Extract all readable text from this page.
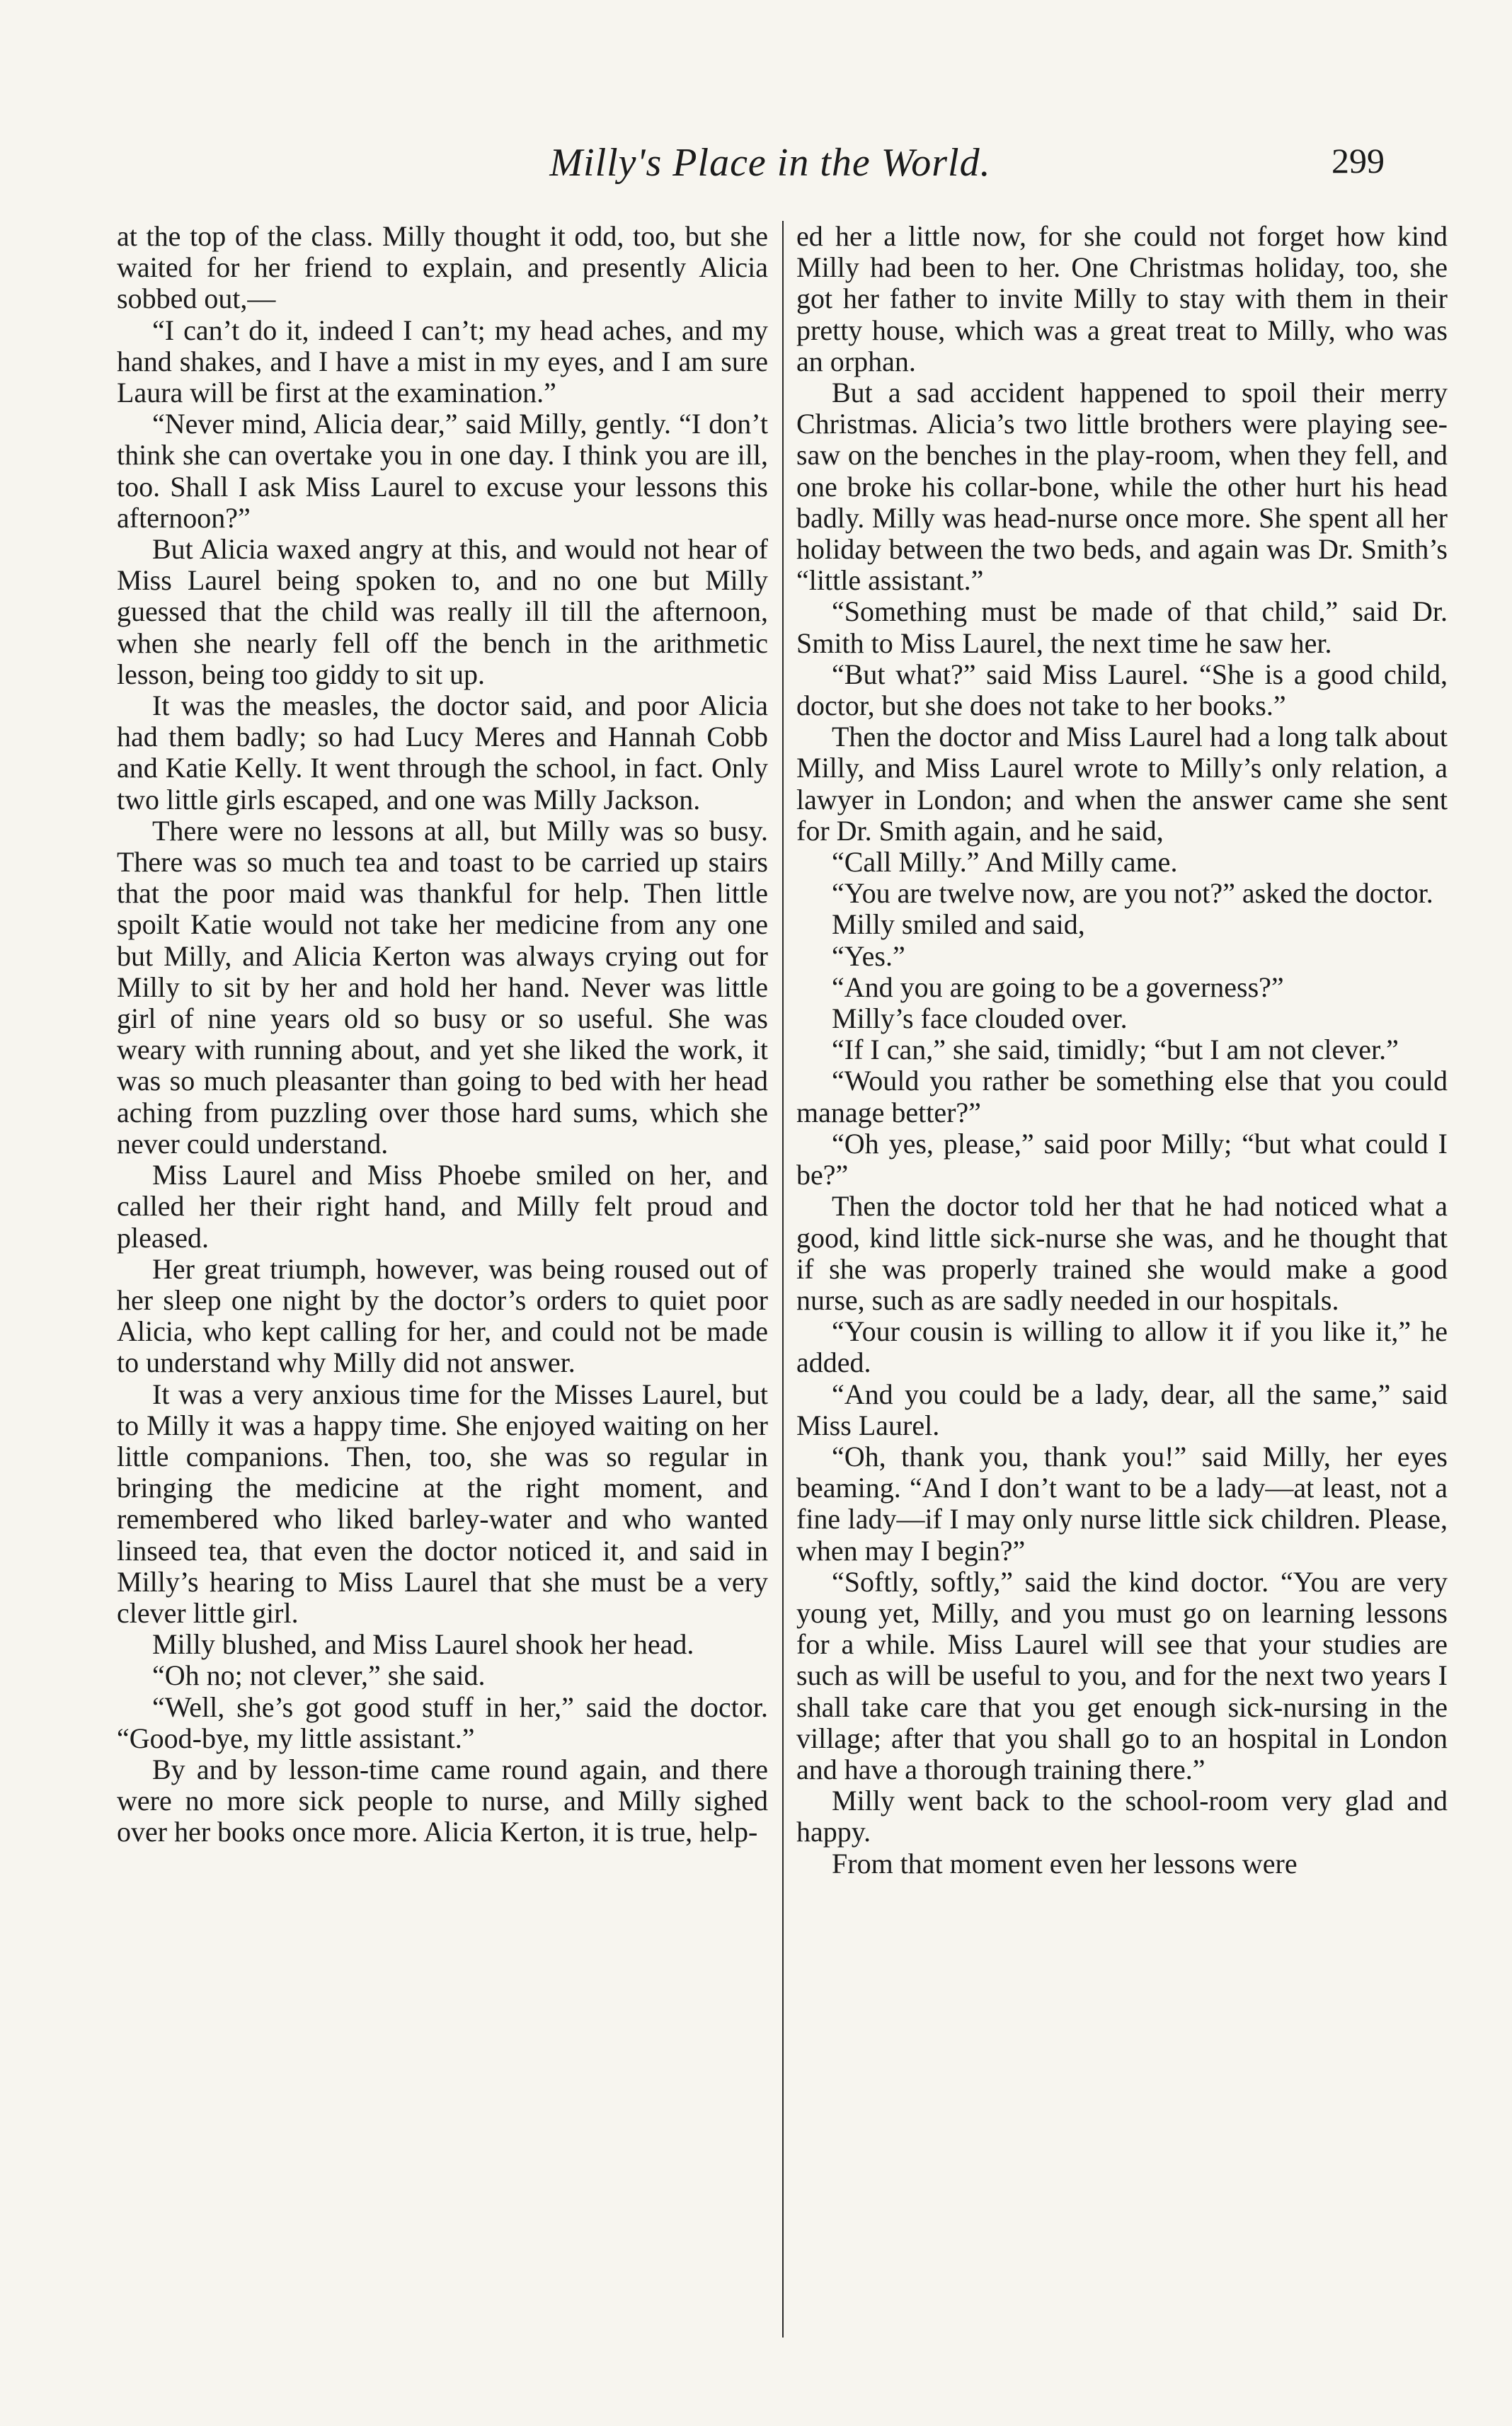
Milly's Place in the World.	299

at the top of the class. Milly thought it odd, too, but she waited for her friend to explain, and presently Alicia sobbed out,—

“I can’t do it, indeed I can’t; my head aches, and my hand shakes, and I have a mist in my eyes, and I am sure Laura will be first at the examination.”

“Never mind, Alicia dear,” said Milly, gently. “I don’t think she can overtake you in one day. I think you are ill, too. Shall I ask Miss Laurel to excuse your lessons this afternoon?”

But Alicia waxed angry at this, and would not hear of Miss Laurel being spoken to, and no one but Milly guessed that the child was really ill till the afternoon, when she nearly fell off the bench in the arithmetic lesson, being too giddy to sit up.

It was the measles, the doctor said, and poor Alicia had them badly; so had Lucy Meres and Hannah Cobb and Katie Kelly. It went through the school, in fact. Only two little girls escaped, and one was Milly Jackson.

There were no lessons at all, but Milly was so busy. There was so much tea and toast to be carried up stairs that the poor maid was thankful for help. Then little spoilt Katie would not take her medicine from any one but Milly, and Alicia Kerton was always crying out for Milly to sit by her and hold her hand. Never was little girl of nine years old so busy or so useful. She was weary with running about, and yet she liked the work, it was so much pleasanter than going to bed with her head aching from puzzling over those hard sums, which she never could understand.

Miss Laurel and Miss Phoebe smiled on her, and called her their right hand, and Milly felt proud and pleased.

Her great triumph, however, was being roused out of her sleep one night by the doctor’s orders to quiet poor Alicia, who kept calling for her, and could not be made to understand why Milly did not answer.

It was a very anxious time for the Misses Laurel, but to Milly it was a happy time. She enjoyed waiting on her little companions. Then, too, she was so regular in bringing the medicine at the right moment, and remembered who liked barley-water and who wanted linseed tea, that even the doctor noticed it, and said in Milly’s hearing to Miss Laurel that she must be a very clever little girl.

Milly blushed, and Miss Laurel shook her head.

“Oh no; not clever,” she said.

“Well, she’s got good stuff in her,” said the doctor. “Good-bye, my little assistant.”

By and by lesson-time came round again, and there were no more sick people to nurse, and Milly sighed over her books once more. Alicia Kerton, it is true, help-

ed her a little now, for she could not forget how kind Milly had been to her. One Christmas holiday, too, she got her father to invite Milly to stay with them in their pretty house, which was a great treat to Milly, who was an orphan.

But a sad accident happened to spoil their merry Christmas. Alicia’s two little brothers were playing see-saw on the benches in the play-room, when they fell, and one broke his collar-bone, while the other hurt his head badly. Milly was head-nurse once more. She spent all her holiday between the two beds, and again was Dr. Smith’s “little assistant.”

“Something must be made of that child,” said Dr. Smith to Miss Laurel, the next time he saw her.

“But what?” said Miss Laurel. “She is a good child, doctor, but she does not take to her books.”

Then the doctor and Miss Laurel had a long talk about Milly, and Miss Laurel wrote to Milly’s only relation, a lawyer in London; and when the answer came she sent for Dr. Smith again, and he said,

“Call Milly.” And Milly came.

“You are twelve now, are you not?” asked the doctor.

Milly smiled and said,

“Yes.”

“And you are going to be a governess?”

Milly’s face clouded over.

“If I can,” she said, timidly; “but I am not clever.”

“Would you rather be something else that you could manage better?”

“Oh yes, please,” said poor Milly; “but what could I be?”

Then the doctor told her that he had noticed what a good, kind little sick-nurse she was, and he thought that if she was properly trained she would make a good nurse, such as are sadly needed in our hospitals.

“Your cousin is willing to allow it if you like it,” he added.

“And you could be a lady, dear, all the same,” said Miss Laurel.

“Oh, thank you, thank you!” said Milly, her eyes beaming. “And I don’t want to be a lady—at least, not a fine lady—if I may only nurse little sick children. Please, when may I begin?”

“Softly, softly,” said the kind doctor. “You are very young yet, Milly, and you must go on learning lessons for a while. Miss Laurel will see that your studies are such as will be useful to you, and for the next two years I shall take care that you get enough sick-nursing in the village; after that you shall go to an hospital in London and have a thorough training there.”

Milly went back to the school-room very glad and happy.

From that moment even her lessons were
